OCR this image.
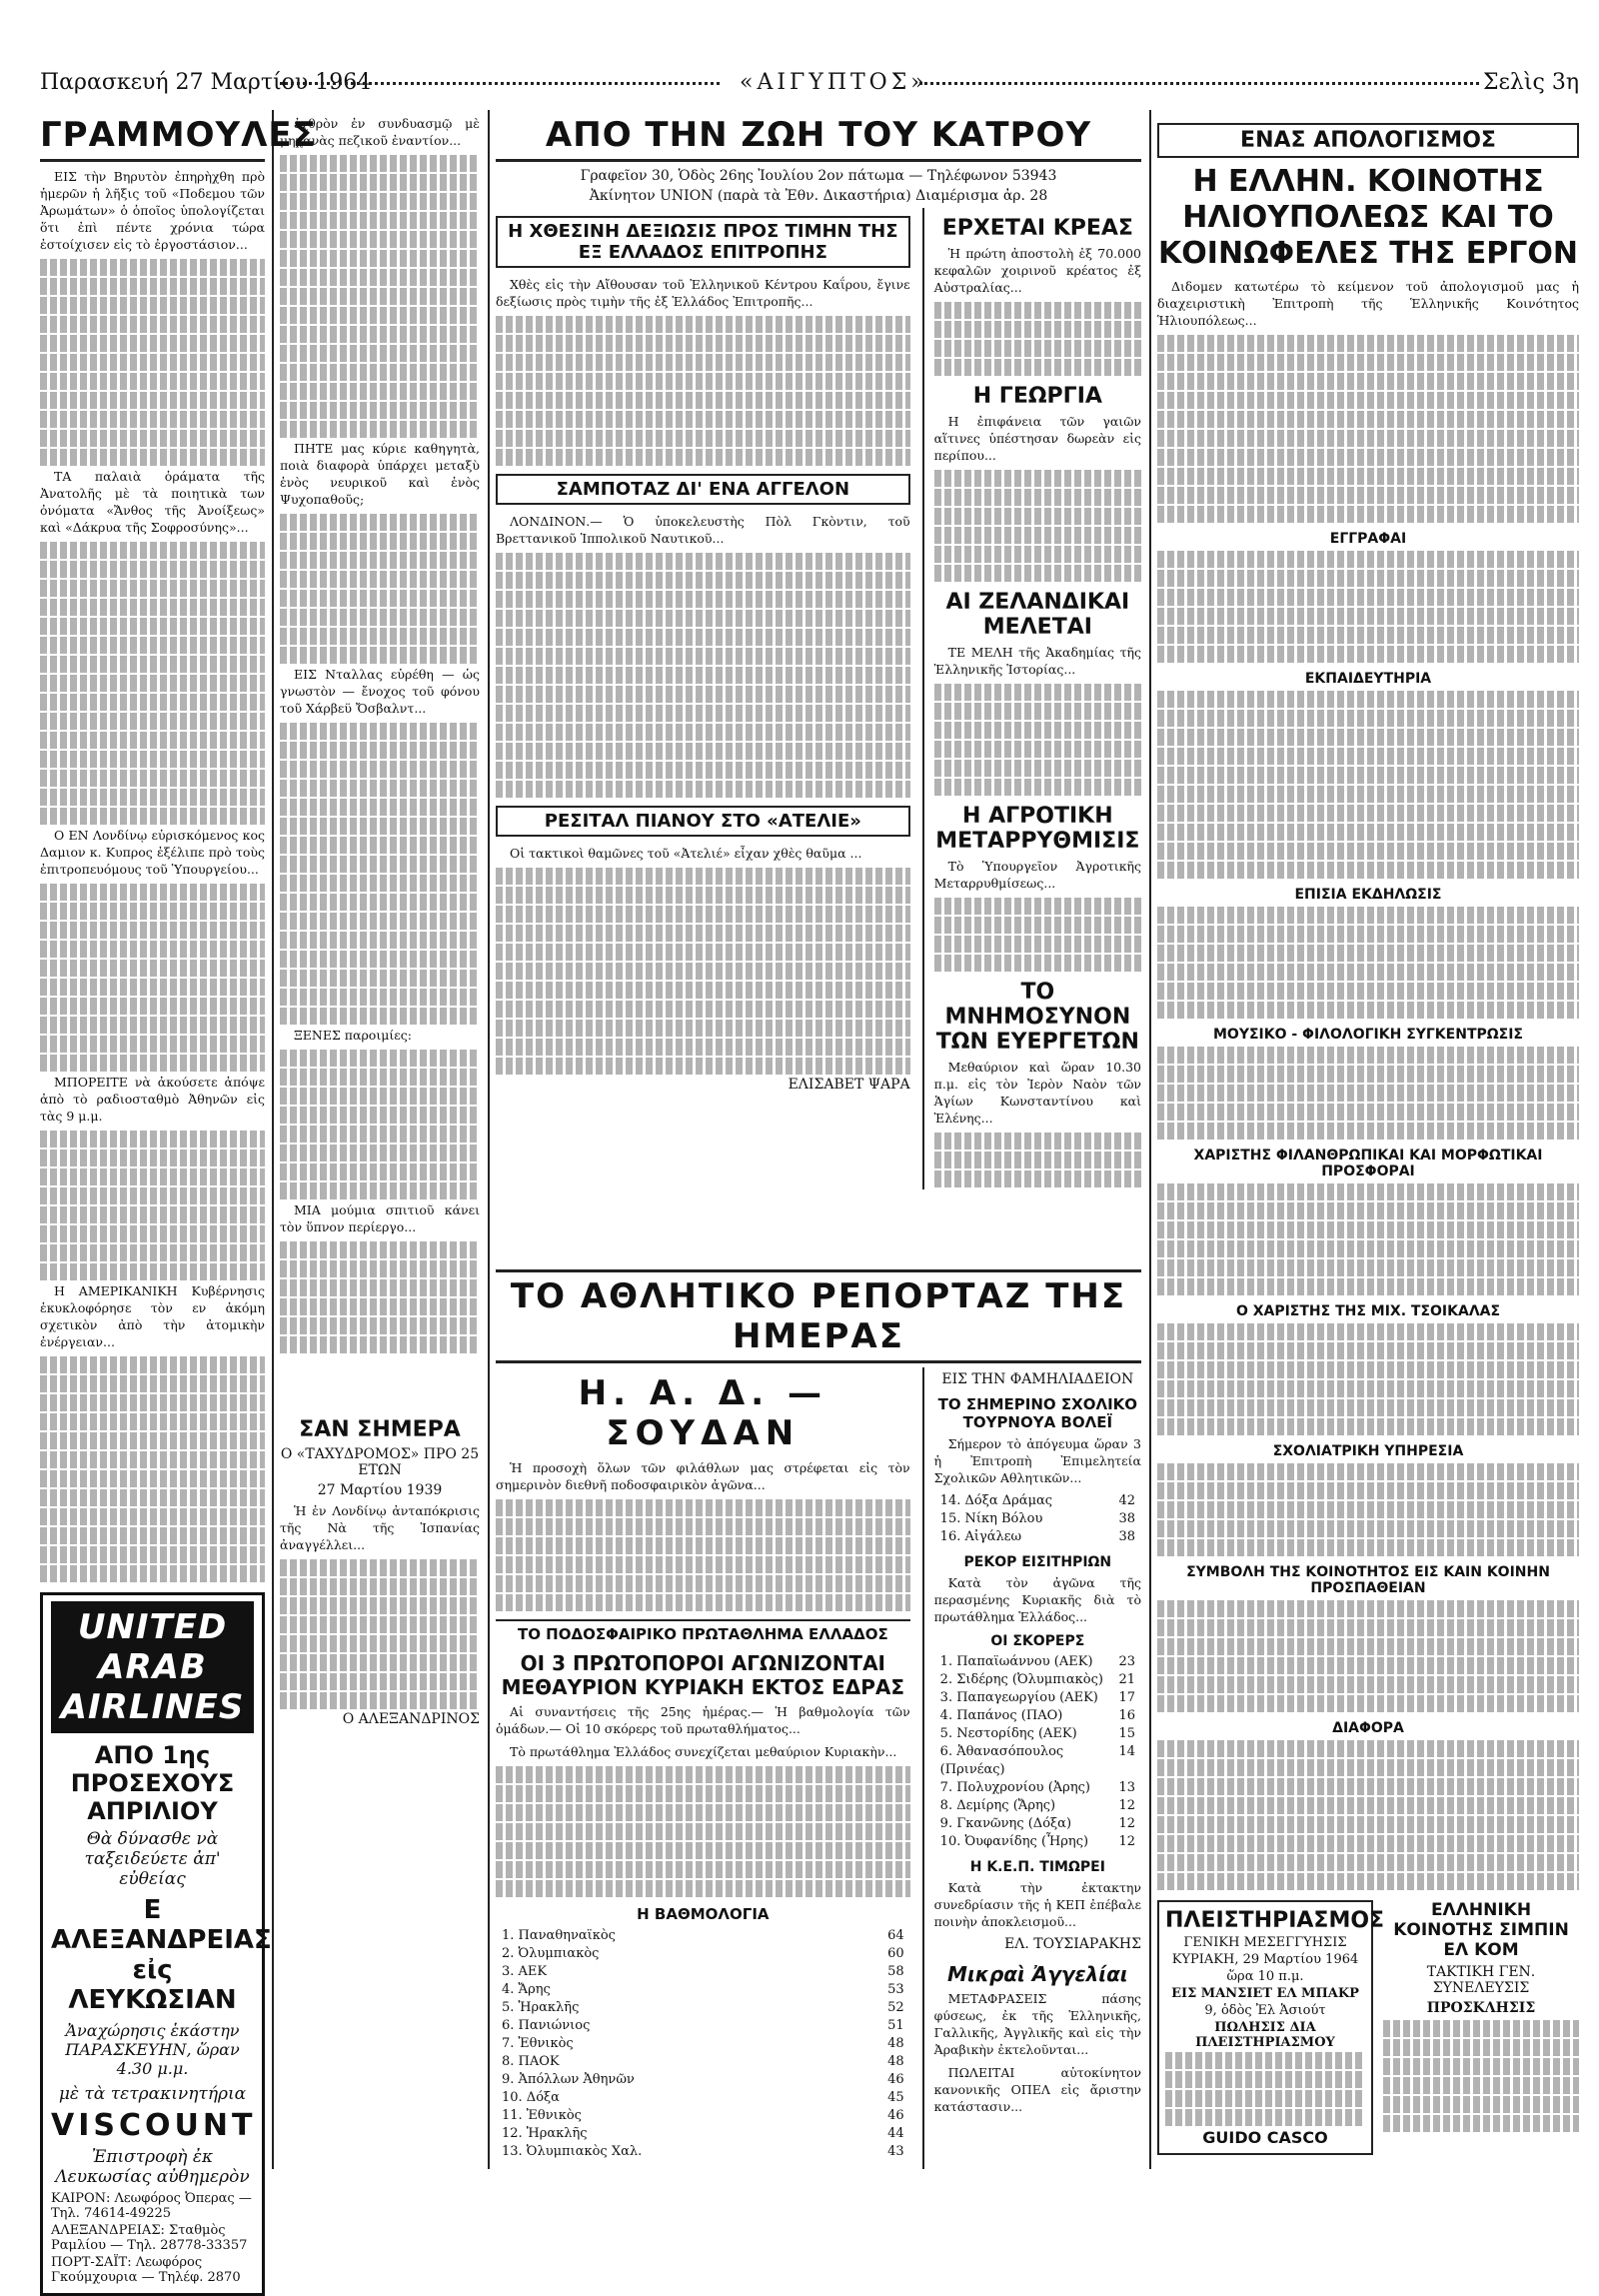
Παρασκευή 27 Μαρτίου 1964	«ΑΙΓΥΠΤΟΣ»	Σελὶς 3η
ΓΡΑΜΜΟΥΛΕΣ

ΕΙΣ τὴν Βηρυτὸν ἐπηρὴχθη πρὸ ἡμερῶν ἡ λῆξις τοῦ «Ποδεμου τῶν Ἀρωμάτων» ὁ ὁποῖος ὑπολογίζεται ὅτι ἐπὶ πέντε χρόνια τώρα ἐστοίχισεν εἰς τὸ ἐργοστάσιον...

ΤΑ παλαιὰ ὁράματα τῆς Ἀνατολῆς μὲ τὰ ποιητικὰ των ὀνόματα «Ἄνθος τῆς Ἀνοίξεως» καὶ «Δάκρυα τῆς Σοφροσύνης»...

Ο ΕΝ Λονδίνῳ εὐρισκόμενος κος Δαμιον κ. Κυπρος ἐξέλιπε πρὸ τοὺς ἐπιτροπευόμους τοῦ Ὑπουργείου...

ΜΠΟΡΕΙΤΕ νὰ ἀκούσετε ἀπόψε ἀπὸ τὸ ραδιοσταθμὸ Ἀθηνῶν εἰς τὰς 9 μ.μ.

Η ΑΜΕΡΙΚΑΝΙΚΗ Κυβέρνησις ἐκυκλοφόρησε τὸν εν ἀκόμη σχετικὸν ἀπὸ τὴν ἀτομικὴν ἐνέργειαν...

UNITED ARAB AIRLINES
ΑΠΟ 1ης ΠΡΟΣΕΧΟΥΣ ΑΠΡΙΛΙΟΥ
Θὰ δύνασθε νὰ ταξειδεύετε ἀπ' εὐθείας
Ε ΑΛΕΞΑΝΔΡΕΙΑΣ εἰς ΛΕΥΚΩΣΙΑΝ
Ἀναχώρησις ἑκάστην ΠΑΡΑΣΚΕΥΗΝ, ὥραν 4.30 μ.μ.
μὲ τὰ τετρακινητήρια
VISCOUNT
Ἐπιστροφὴ ἐκ Λευκωσίας αὐθημερὸν
ΚΑΙΡΟΝ: Λεωφόρος Ὀπερας — Τηλ. 74614-49225
ΑΛΕΞΑΝΔΡΕΙΑΣ: Σταθμὸς Ραμλίου — Τηλ. 28778-33357
ΠΟΡΤ-ΣΑΪΤ: Λεωφόρος Γκούμχουρια — Τηλέφ. 2870

ἐχθρὸν ἐν συνδυασμῷ μὲ μηχανὰς πεζικοῦ ἐναντίον...

ΠΗΤΕ μας κύριε καθηγητὰ, ποιὰ διαφορὰ ὑπάρχει μεταξὺ ἐνὸς νευρικοῦ καὶ ἐνὸς Ψυχοπαθοῦς;

ΕΙΣ Νταλλας εὑρέθη — ὡς γνωστὸν — ἔνοχος τοῦ φόνου τοῦ Χάρβεϋ Ὄσβαλντ...

ΞΕΝΕΣ παροιμίες:

ΜΙΑ μούμια σπιτιοῦ κάνει τὸν ὕπνον περίεργο...

ΣΑΝ ΣΗΜΕΡΑ
Ο «ΤΑΧΥΔΡΟΜΟΣ» ΠΡΟ 25 ΕΤΩΝ
27 Μαρτίου 1939

Ἡ ἐν Λονδίνῳ ἀνταπόκρισις τῆς Νὰ τῆς Ἱσπανίας ἀναγγέλλει...

Ο ΑΛΕΞΑΝΔΡΙΝΟΣ
ΑΠΟ ΤΗΝ ΖΩΗ ΤΟΥ ΚΑΤΡΟΥ
Γραφεῖον 30, Ὁδὸς 26ης Ἰουλίου 2ον πάτωμα — Τηλέφωνον 53943
Ἀκίνητον UNION (παρὰ τὰ Ἐθν. Δικαστήρια) Διαμέρισμα ἀρ. 28
Η ΧΘΕΣΙΝΗ ΔΕΞΙΩΣΙΣ ΠΡΟΣ ΤΙΜΗΝ ΤΗΣ ΕΞ ΕΛΛΑΔΟΣ ΕΠΙΤΡΟΠΗΣ

Χθὲς εἰς τὴν Αἴθουσαν τοῦ Ἑλληνικοῦ Κέντρου Καΐρου, ἔγινε δεξίωσις πρὸς τιμὴν τῆς ἐξ Ἑλλάδος Ἐπιτροπῆς...

ΣΑΜΠΟΤΑΖ ΔΙ' ΕΝΑ ΑΓΓΕΛΟΝ

ΛΟΝΔΙΝΟΝ.— Ὁ ὑποκελευστὴς Πὸλ Γκὸντιν, τοῦ Βρεττανικοῦ Ἱππολικοῦ Ναυτικοῦ...

ΡΕΣΙΤΑΛ ΠΙΑΝΟΥ ΣΤΟ «ΑΤΕΛΙΕ»

Οἱ τακτικοὶ θαμῶνες τοῦ «Ἀτελιέ» εἶχαν χθὲς θαῦμα ...

ΕΛΙΣΑΒΕΤ ΨΑΡΑ
ΕΡΧΕΤΑΙ ΚΡΕΑΣ

Ἡ πρώτη ἀποστολὴ ἐξ 70.000 κεφαλῶν χοιρινοῦ κρέατος ἐξ Αὐστραλίας...

Η ΓΕΩΡΓΙΑ

Η ἐπιφάνεια τῶν γαιῶν αἵτινες ὑπέστησαν δωρεὰν εἰς περίπου...

ΑΙ ΖΕΛΑΝΔΙΚΑΙ ΜΕΛΕΤΑΙ

ΤΕ ΜΕΛΗ τῆς Ἀκαδημίας τῆς Ἑλληνικῆς Ἱστορίας...

Η ΑΓΡΟΤΙΚΗ ΜΕΤΑΡΡΥΘΜΙΣΙΣ

Τὸ Ὑπουργεῖον Ἀγροτικῆς Μεταρρυθμίσεως...

ΤΟ ΜΝΗΜΟΣΥΝΟΝ ΤΩΝ ΕΥΕΡΓΕΤΩΝ

Μεθαύριον καὶ ὥραν 10.30 π.μ. εἰς τὸν Ἱερὸν Ναὸν τῶν Ἁγίων Κωνσταντίνου καὶ Ἑλένης...

ΤΟ ΑΘΛΗΤΙΚΟ ΡΕΠΟΡΤΑΖ ΤΗΣ ΗΜΕΡΑΣ
Η. Α. Δ. — ΣΟΥΔΑΝ

Ἡ προσοχὴ ὅλων τῶν φιλάθλων μας στρέφεται εἰς τὸν σημερινὸν διεθνῆ ποδοσφαιρικὸν ἀγῶνα...

ΤΟ ΠΟΔΟΣΦΑΙΡΙΚΟ ΠΡΩΤΑΘΛΗΜΑ ΕΛΛΑΔΟΣ
ΟΙ 3 ΠΡΩΤΟΠΟΡΟΙ ΑΓΩΝΙΖΟΝΤΑΙ ΜΕΘΑΥΡΙΟΝ ΚΥΡΙΑΚΗ ΕΚΤΟΣ ΕΔΡΑΣ

Αἱ συναντήσεις τῆς 25ης ἡμέρας.— Ἡ βαθμολογία τῶν ὁμάδων.— Οἱ 10 σκόρερς τοῦ πρωταθλήματος...

Τὸ πρωτάθλημα Ἑλλάδος συνεχίζεται μεθαύριον Κυριακὴν...

Η ΒΑΘΜΟΛΟΓΙΑ
1. Παναθηναϊκὸς	64
2. Ὀλυμπιακὸς	60
3. ΑΕΚ	58
4. Ἄρης	53
5. Ἠρακλῆς	52
6. Πανιώνιος	51
7. Ἐθνικὸς	48
8. ΠΑΟΚ	48
9. Ἀπόλλων Ἀθηνῶν	46
10. Δόξα	45
11. Ἐθνικὸς	46
12. Ἡρακλῆς	44
13. Ὀλυμπιακὸς Χαλ.	43
ΕΙΣ ΤΗΝ ΦΑΜΗΛΙΑΔΕΙΟΝ
ΤΟ ΣΗΜΕΡΙΝΟ ΣΧΟΛΙΚΟ ΤΟΥΡΝΟΥΑ ΒΟΛΕΪ

Σήμερον τὸ ἀπόγευμα ὥραν 3 ἡ Ἐπιτροπὴ Ἐπιμελητεία Σχολικῶν Αθλητικῶν...

14. Δόξα Δράμας	42
15. Νίκη Βόλου	38
16. Αἰγάλεω	38
ΡΕΚΟΡ ΕΙΣΙΤΗΡΙΩΝ

Κατὰ τὸν ἀγῶνα τῆς περασμένης Κυριακῆς διὰ τὸ πρωτάθλημα Ἑλλάδος...

ΟΙ ΣΚΟΡΕΡΣ
1. Παπαϊωάννου (ΑΕΚ) 23
2. Σιδέρης (Ὀλυμπιακὸς) 21
3. Παπαγεωργίου (ΑΕΚ) 17
4. Παπάνος (ΠΑΟ)	16
5. Νεστορίδης (ΑΕΚ)	15
6. Ἀθανασόπουλος (Πρινέας)
14
7. Πολυχρονίου (Ἀρης) 13
8. Δεμίρης (Ἄρης)	12
9. Γκανῶνης (Δόξα)	12
10. Ὀυφανίδης (Ἦρης) 12
Η Κ.Ε.Π. ΤΙΜΩΡΕΙ

Κατὰ τὴν ἐκτακτην συνεδρίασιν τῆς ἡ ΚΕΠ ἐπέβαλε ποινὴν ἀποκλεισμοῦ...

ΕΛ. ΤΟΥΣΙΑΡΑΚΗΣ
Μικραὶ Ἀγγελίαι

ΜΕΤΑΦΡΑΣΕΙΣ πάσης φύσεως, ἐκ τῆς Ἑλληνικῆς, Γαλλικῆς, Ἀγγλικῆς καὶ εἰς τὴν Ἀραβικὴν ἐκτελοῦνται...

ΠΩΛΕΙΤΑΙ αὐτοκίνητον κανονικῆς ΟΠΕΛ εἰς ἄριστην κατάστασιν...

ΕΝΑΣ ΑΠΟΛΟΓΙΣΜΟΣ
Η ΕΛΛΗΝ. ΚΟΙΝΟΤΗΣ ΗΛΙΟΥΠΟΛΕΩΣ ΚΑΙ ΤΟ ΚΟΙΝΩΦΕΛΕΣ ΤΗΣ ΕΡΓΟΝ

Διδομεν κατωτέρω τὸ κείμενον τοῦ ἀπολογισμοῦ μας ἡ διαχειριστικὴ Ἐπιτροπὴ τῆς Ἑλληνικῆς Κοινότητος Ἡλιουπόλεως...

ΕΓΓΡΑΦΑΙ
ΕΚΠΑΙΔΕΥΤΗΡΙΑ
ΕΠΙΣΙΑ ΕΚΔΗΛΩΣΙΣ
ΜΟΥΣΙΚΟ - ΦΙΛΟΛΟΓΙΚΗ ΣΥΓΚΕΝΤΡΩΣΙΣ
ΧΑΡΙΣΤΗΣ ΦΙΛΑΝΘΡΩΠΙΚΑΙ ΚΑΙ ΜΟΡΦΩΤΙΚΑΙ ΠΡΟΣΦΟΡΑΙ
Ο ΧΑΡΙΣΤΗΣ ΤΗΣ ΜΙΧ. ΤΣΟΙΚΑΛΑΣ
ΣΧΟΛΙΑΤΡΙΚΗ ΥΠΗΡΕΣΙΑ
ΣΥΜΒΟΛΗ ΤΗΣ ΚΟΙΝΟΤΗΤΟΣ ΕΙΣ ΚΑΙΝ ΚΟΙΝΗΝ ΠΡΟΣΠΑΘΕΙΑΝ
ΔΙΑΦΟΡΑ
ΠΛΕΙΣΤΗΡΙΑΣΜΟΣ
ΓΕΝΙΚΗ ΜΕΣΕΓΓΥΗΣΙΣ
ΚΥΡΙΑΚΗ, 29 Μαρτίου 1964
ὥρα 10 π.μ.
ΕΙΣ ΜΑΝΣΙΕΤ ΕΛ ΜΠΑΚΡ
9, ὁδὸς Ἐλ Ἀσιούτ
ΠΩΛΗΣΙΣ ΔΙΑ ΠΛΕΙΣΤΗΡΙΑΣΜΟΥ
GUIDO CASCO
ΕΛΛΗΝΙΚΗ ΚΟΙΝΟΤΗΣ ΣΙΜΠΙΝ ΕΛ ΚΟΜ
ΤΑΚΤΙΚΗ ΓΕΝ. ΣΥΝΕΛΕΥΣΙΣ
ΠΡΟΣΚΛΗΣΙΣ
